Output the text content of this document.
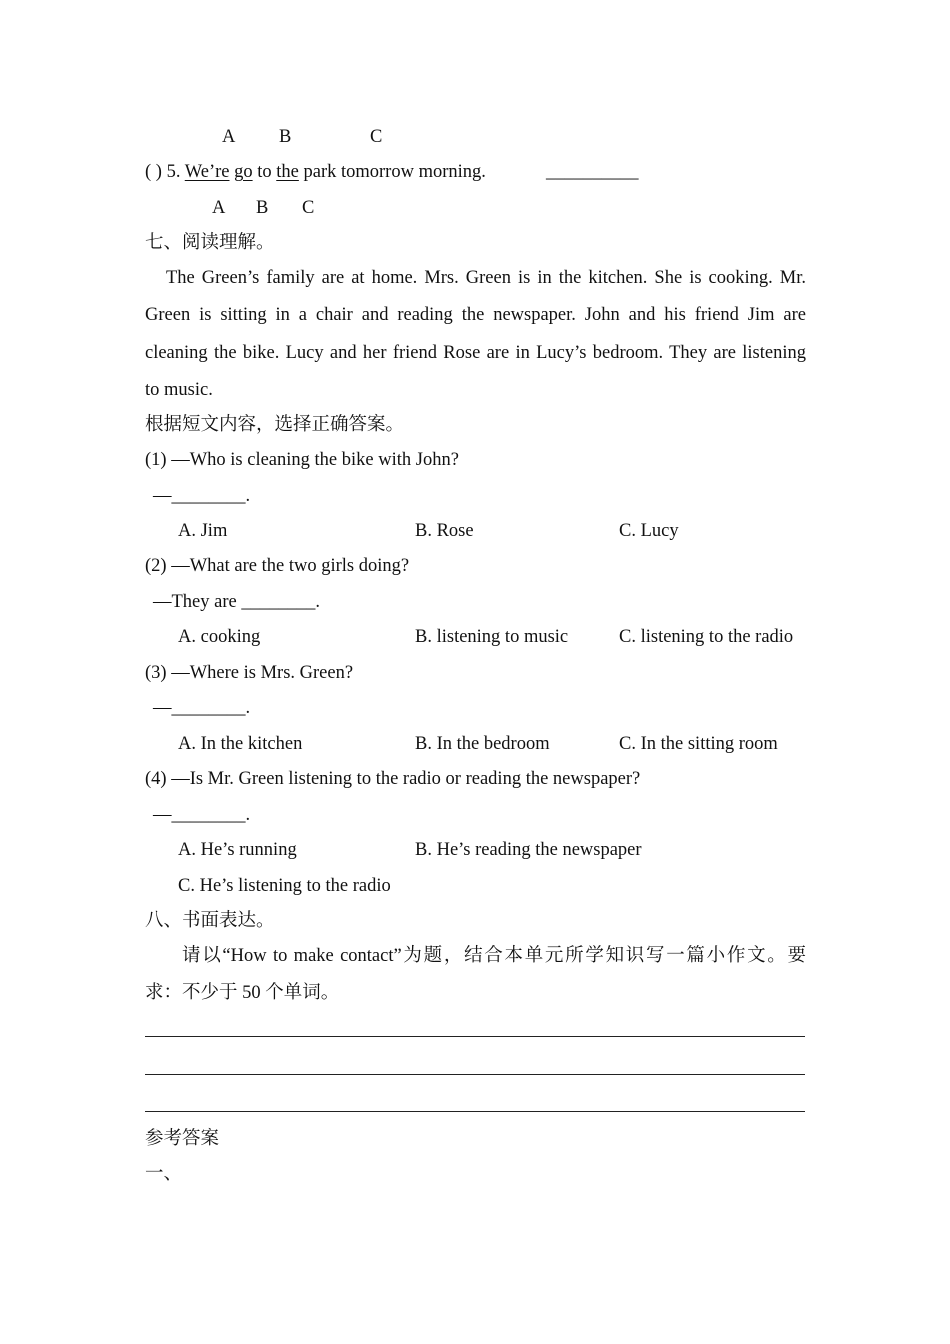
A B	C
( ) 5. We’re go to the park tomorrow morning.	__________
A B C
七、阅读理解。
The Green’s family are at home. Mrs. Green is in the kitchen. She is cooking. Mr.
Green is sitting in a chair and reading the newspaper. John and his friend Jim are
cleaning the bike. Lucy and her friend Rose are in Lucy’s bedroom. They are listening
to music.
根据短文内容，选择正确答案。
(1) —Who is cleaning the bike with John?
—________.
A. Jim	B. Rose	C. Lucy
(2) —What are the two girls doing?
—They are ________.
A. cooking	B. listening to music	C. listening to the radio
(3) —Where is Mrs. Green?
—________.
A. In the kitchen	B. In the bedroom	C. In the sitting room
(4) —Is Mr. Green listening to the radio or reading the newspaper?
—________.
A. He’s running	B. He’s reading the newspaper
C. He’s listening to the radio
八、书面表达。
请以“How to make contact”为题，结合本单元所学知识写一篇小作文。要
求：不少于 50 个单词。
参考答案
一、
